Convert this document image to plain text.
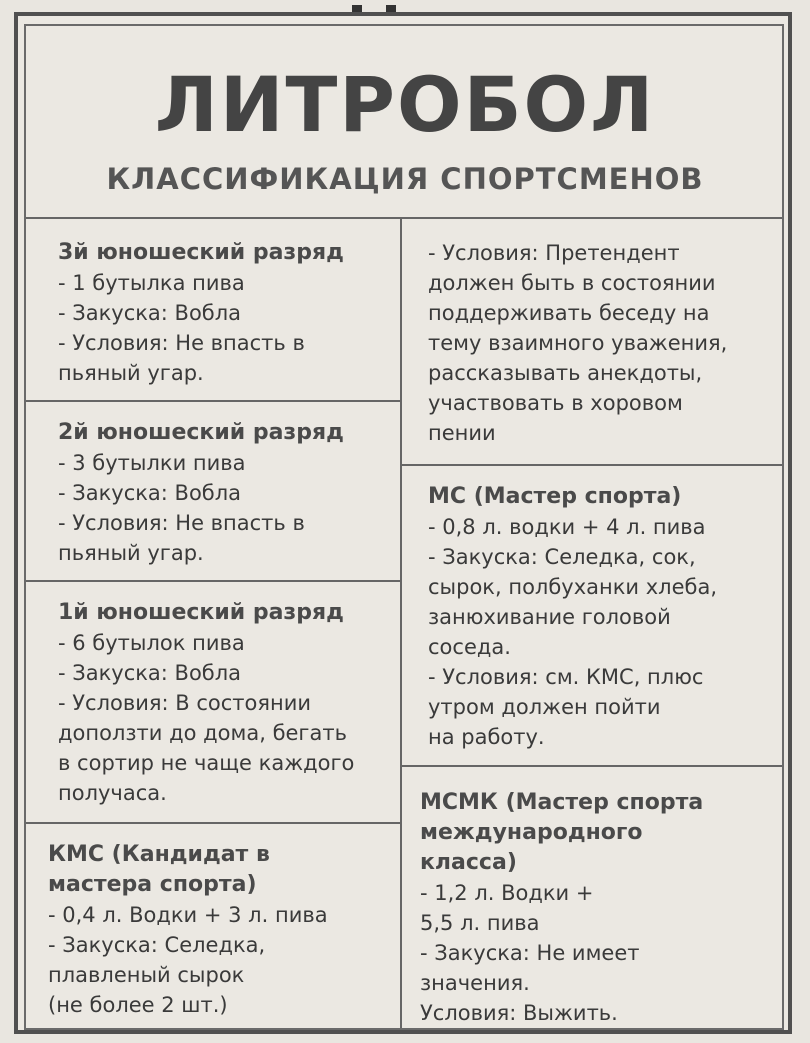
ЛИТРОБОЛ
КЛАССИФИКАЦИЯ СПОРТСМЕНОВ
3й юношеский разряд
- 1 бутылка пива
- Закуска: Вобла
- Условия: Не впасть в
пьяный угар.
2й юношеский разряд
- 3 бутылки пива
- Закуска: Вобла
- Условия: Не впасть в
пьяный угар.
1й юношеский разряд
- 6 бутылок пива
- Закуска: Вобла
- Условия: В состоянии
доползти до дома, бегать
в сортир не чаще каждого
получаса.
КМС (Кандидат в
мастера спорта)
- 0,4 л. Водки + 3 л. пива
- Закуска: Селедка,
плавленый сырок
(не более 2 шт.)
- Условия: Претендент
должен быть в состоянии
поддерживать беседу на
тему взаимного уважения,
рассказывать анекдоты,
участвовать в хоровом
пении
МС (Мастер спорта)
- 0,8 л. водки + 4 л. пива
- Закуска: Селедка, сок,
сырок, полбуханки хлеба,
занюхивание головой
соседа.
- Условия: см. КМС, плюс
утром должен пойти
на работу.
МСМК (Мастер спорта
международного
класса)
- 1,2 л. Водки +
5,5 л. пива
- Закуска: Не имеет
значения.
Условия: Выжить.
